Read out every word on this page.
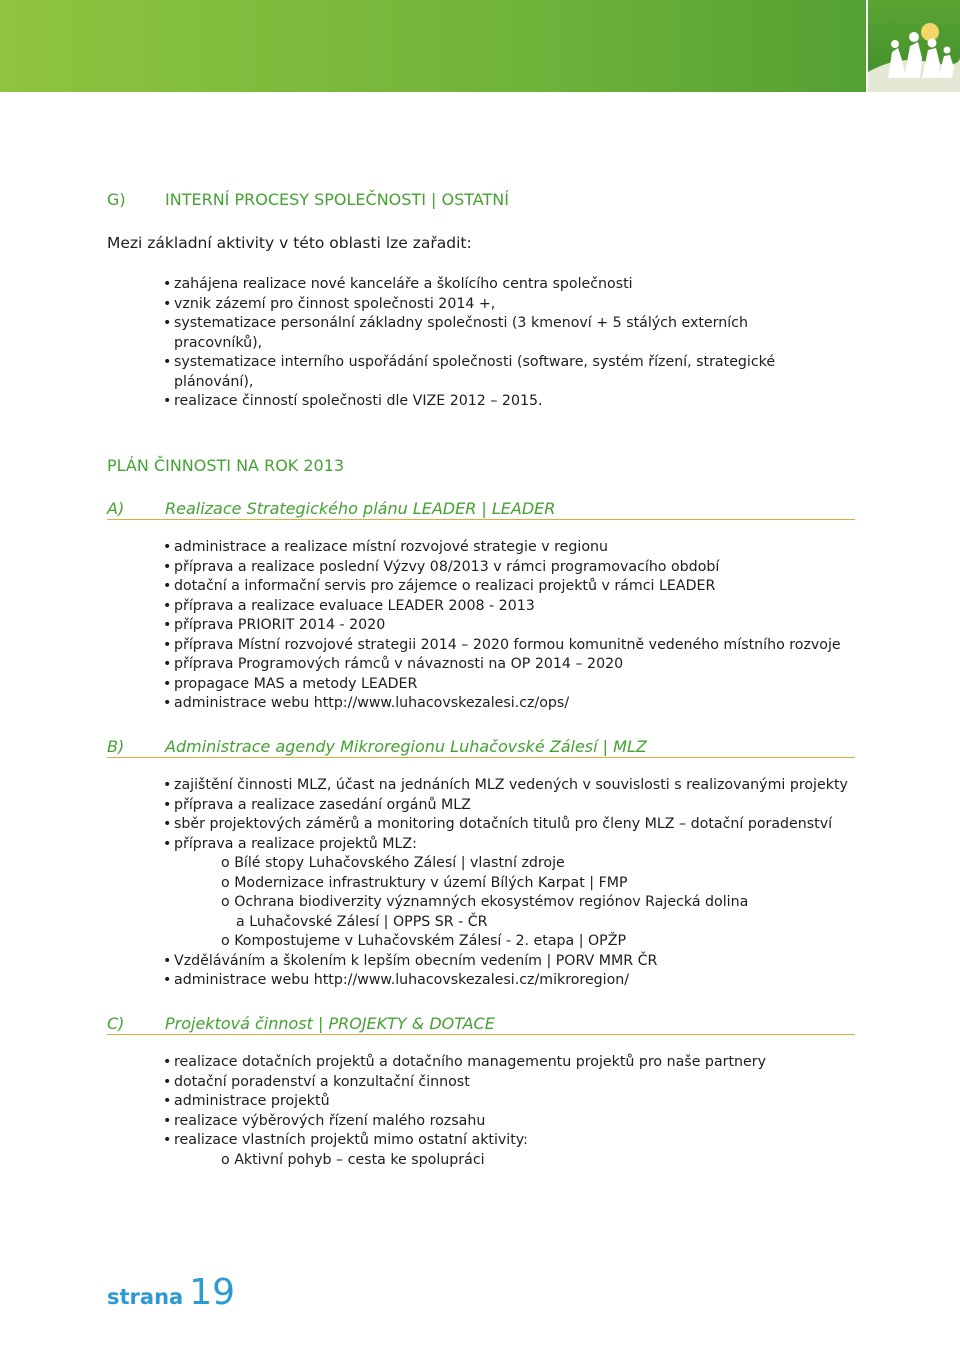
G) INTERNÍ PROCESY SPOLEČNOSTI | OSTATNÍ
Mezi základní aktivity v této oblasti lze zařadit:
• zahájena realizace nové kanceláře a školícího centra společnosti
• vznik zázemí pro činnost společnosti 2014 +,
• systematizace personální základny společnosti (3 kmenoví + 5 stálých externích
pracovníků),
• systematizace interního uspořádání společnosti (software, systém řízení, strategické
plánování),
• realizace činností společnosti dle VIZE 2012 – 2015.
PLÁN ČINNOSTI NA ROK 2013
A)	Realizace Strategického plánu LEADER | LEADER
• administrace a realizace místní rozvojové strategie v regionu
• příprava a realizace poslední Výzvy 08/2013 v rámci programovacího období
• dotační a informační servis pro zájemce o realizaci projektů v rámci LEADER
• příprava a realizace evaluace LEADER 2008 - 2013
• příprava PRIORIT 2014 - 2020
• příprava Místní rozvojové strategii 2014 – 2020 formou komunitně vedeného místního rozvoje
• příprava Programových rámců v návaznosti na OP 2014 – 2020
• propagace MAS a metody LEADER
• administrace webu http://www.luhacovskezalesi.cz/ops/
B)	Administrace agendy Mikroregionu Luhačovské Zálesí | MLZ
• zajištění činnosti MLZ, účast na jednáních MLZ vedených v souvislosti s realizovanými projekty
• příprava a realizace zasedání orgánů MLZ
• sběr projektových záměrů a monitoring dotačních titulů pro členy MLZ – dotační poradenství
• příprava a realizace projektů MLZ:
o Bílé stopy Luhačovského Zálesí | vlastní zdroje
o Modernizace infrastruktury v území Bílých Karpat | FMP
o Ochrana biodiverzity významných ekosystémov regiónov Rajecká dolina
a Luhačovské Zálesí | OPPS SR - ČR
o Kompostujeme v Luhačovském Zálesí - 2. etapa | OPŽP
• Vzděláváním a školením k lepším obecním vedením | PORV MMR ČR
• administrace webu http://www.luhacovskezalesi.cz/mikroregion/
C)	Projektová činnost | PROJEKTY & DOTACE
• realizace dotačních projektů a dotačního managementu projektů pro naše partnery
• dotační poradenství a konzultační činnost
• administrace projektů
• realizace výběrových řízení malého rozsahu
• realizace vlastních projektů mimo ostatní aktivity:
o Aktivní pohyb – cesta ke spolupráci
strana 19
